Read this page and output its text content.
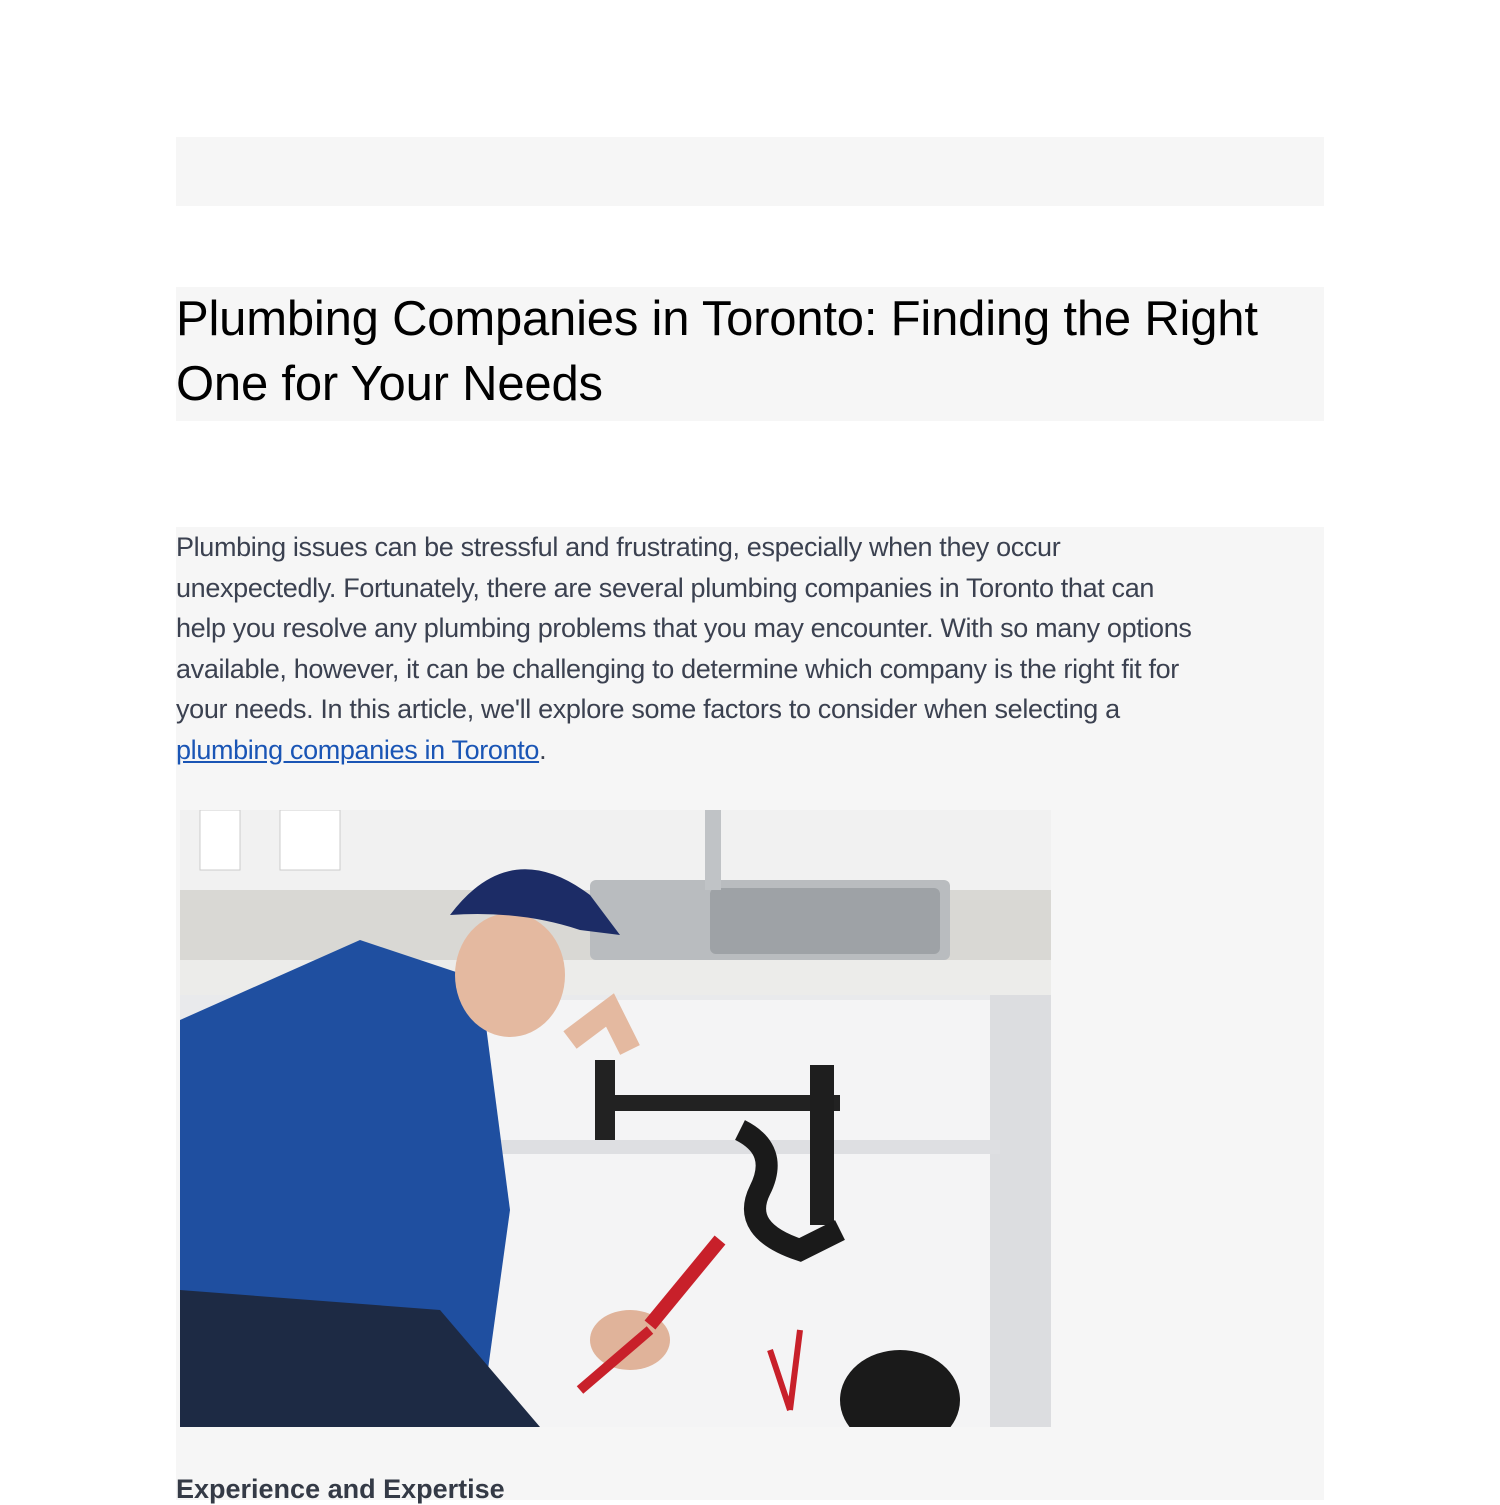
Plumbing Companies in Toronto: Finding the Right
One for Your Needs

Plumbing issues can be stressful and frustrating, especially when they occur
unexpectedly. Fortunately, there are several plumbing companies in Toronto that can
help you resolve any plumbing problems that you may encounter. With so many options
available, however, it can be challenging to determine which company is the right fit for
your needs. In this article, we'll explore some factors to consider when selecting a
plumbing companies in Toronto.

Experience and Expertise
